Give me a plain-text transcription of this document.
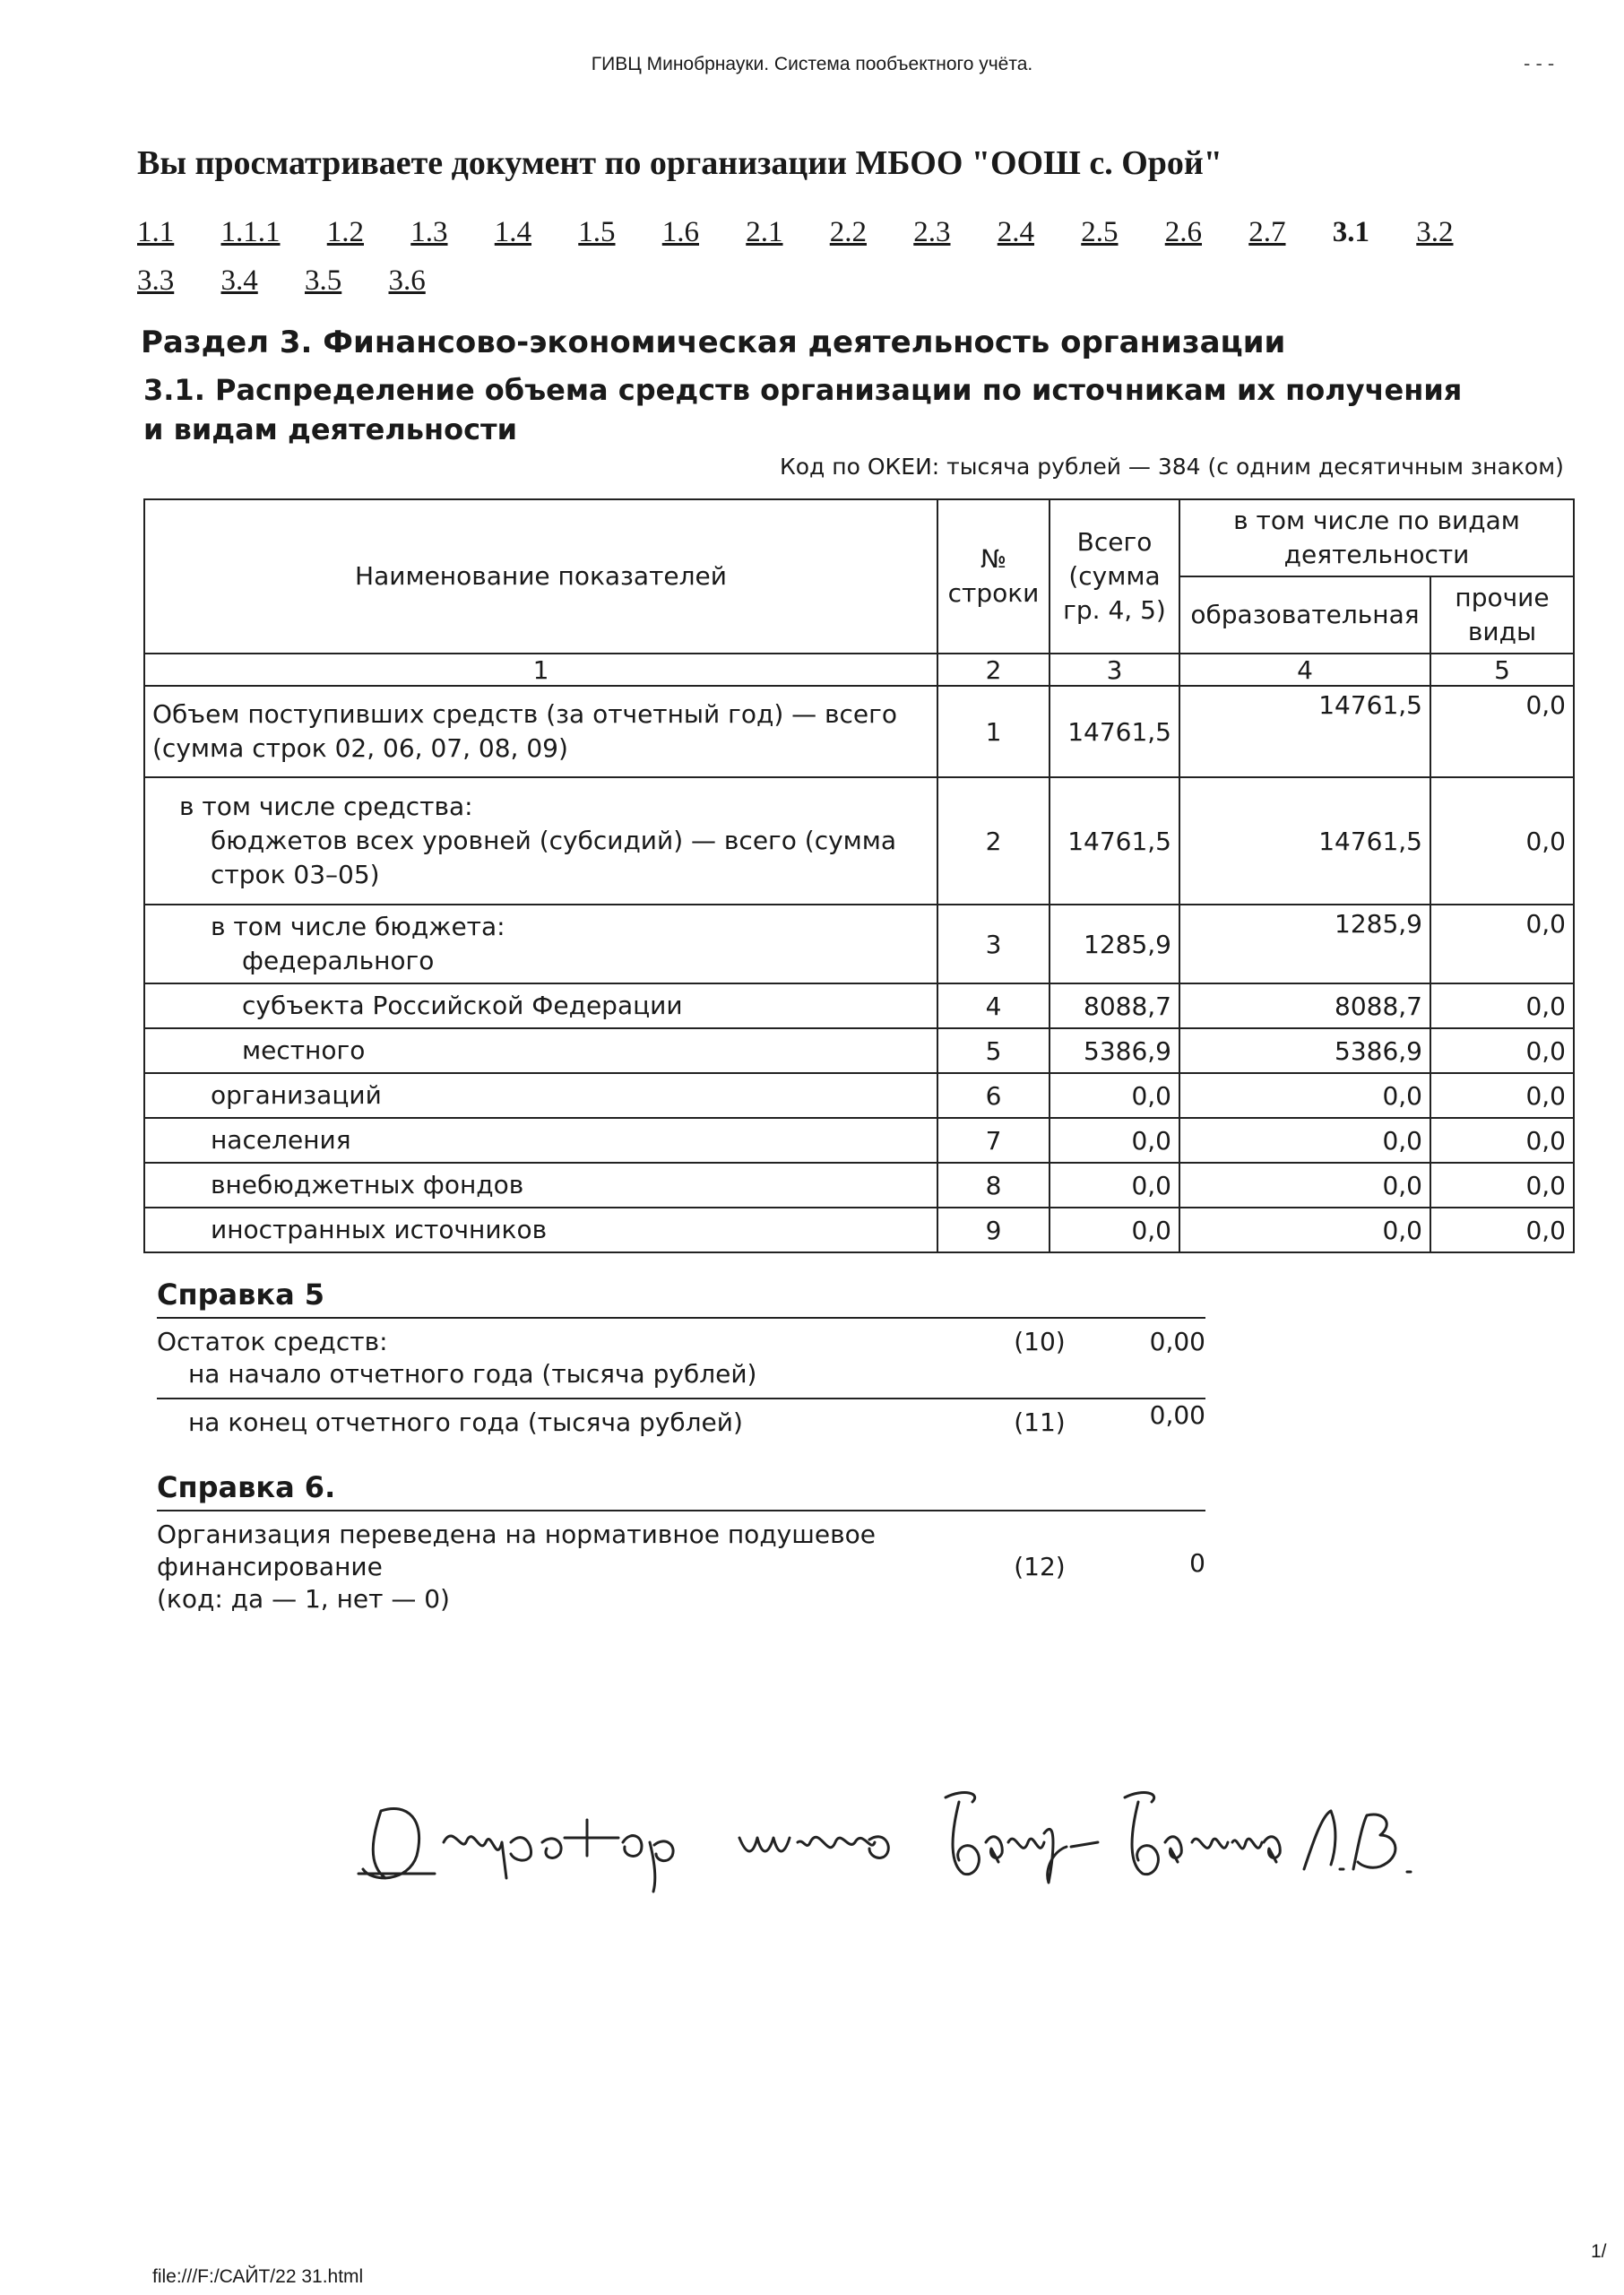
ГИВЦ Минобрнауки. Система пообъектного учёта.	- - -
Вы просматриваете документ по организации МБОО "ООШ с. Орой"
1.1 1.1.1 1.2 1.3 1.4 1.5 1.6 2.1 2.2 2.3 2.4 2.5 2.6 2.7 3.1 3.2 3.3 3.4 3.5 3.6
Раздел 3. Финансово-экономическая деятельность организации
3.1. Распределение объема средств организации по источникам их получения и видам деятельности
Код по ОКЕИ: тысяча рублей — 384 (с одним десятичным знаком)
Наименование показателей	№ строки	Всего (сумма гр. 4, 5)	в том числе по видам деятельности	
			образовательная	прочие виды
1	2	3	4	5
Объем поступивших средств (за отчетный год) — всего (сумма строк 02, 06, 07, 08, 09)	1	14761,5	14761,5	0,0

в том числе средства:
бюджетов всех уровней (субсидий) — всего (сумма строк 03–05)	2	14761,5	14761,5	0,0

в том числе бюджета:
федерального	3	1285,9	1285,9	0,0

субъекта Российской Федерации	4	8088,7	8088,7	0,0

местного	5	5386,9	5386,9	0,0

организаций	6	0,0	0,0	0,0

населения	7	0,0	0,0	0,0

внебюджетных фондов	8	0,0	0,0	0,0

иностранных источников	9	0,0	0,0	0,0
Справка 5
Остаток средств:
на начало отчетного года (тысяча рублей)
(10)	0,00
на конец отчетного года (тысяча рублей)	(11)	0,00
Справка 6.
Организация переведена на нормативное подушевое финансирование
(код: да — 1, нет — 0)
(12)	0
Директор школы Банг- Банина Л.В.
file:///F:/САЙТ/22 31.html
1/
